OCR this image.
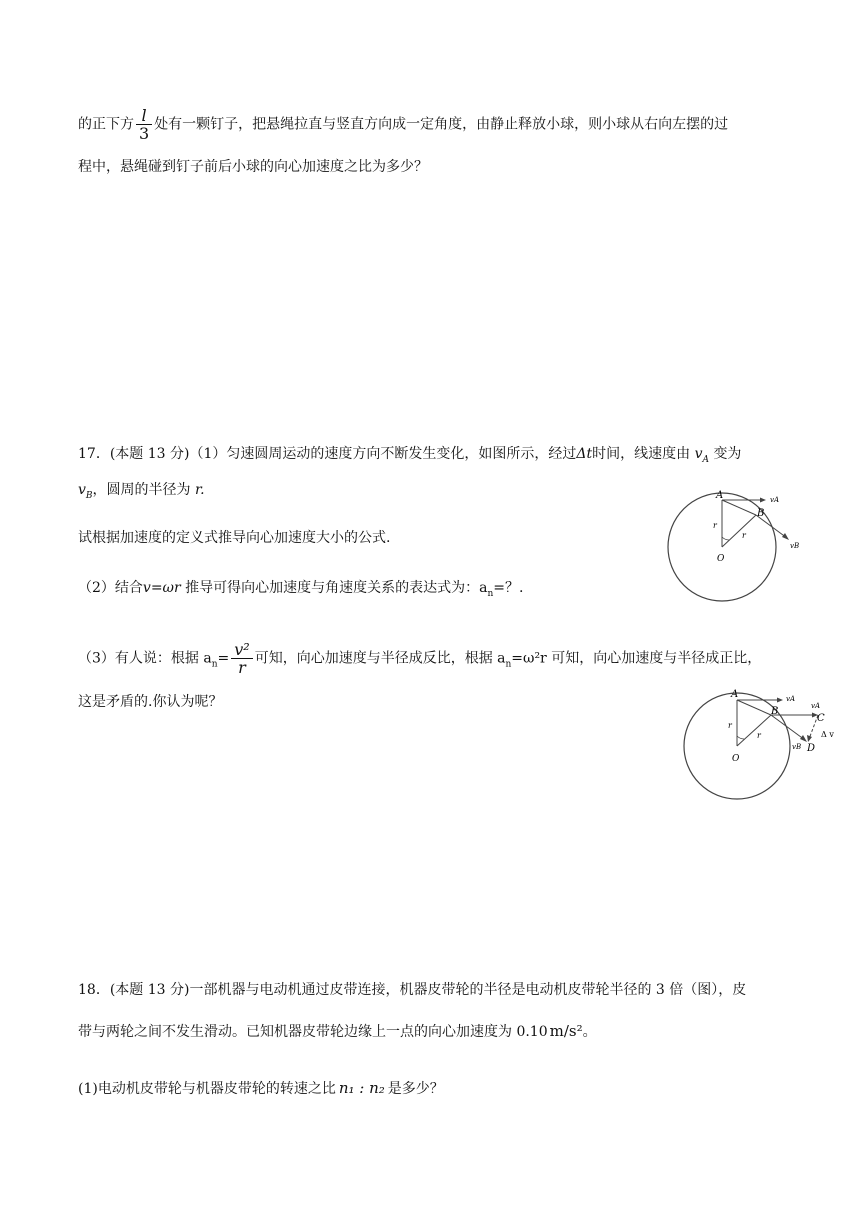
的正下方 $\frac{l}{3}$ 处有一颗钉子，把悬绳拉直与竖直方向成一定角度，由静止释放小球，则小球从右向左摆的过
程中，悬绳碰到钉子前后小球的向心加速度之比为多少？
17．(本题 13 分)（1）匀速圆周运动的速度方向不断发生变化，如图所示，经过Δt时间，线速度由 $v_A$ 变为
$v_B$，圆周的半径为 r.
试根据加速度的定义式推导向心加速度大小的公式.
（2）结合v=ωr 推导可得向心加速度与角速度关系的表达式为：$a_n=$？.
（3）有人说：根据 $a_n= \frac{\text{v²}}{r}$ 可知，向心加速度与半径成反比，根据 $a_n=\omega^2r$ 可知，向心加速度与半径成正比，
这是矛盾的.你认为呢？
A
B
O
r
r
vA
vB
A
B
O
C
D
r
r
vA
vA
vB
Δ v
18．(本题 13 分)一部机器与电动机通过皮带连接，机器皮带轮的半径是电动机皮带轮半径的 3 倍（图），皮
带与两轮之间不发生滑动。已知机器皮带轮边缘上一点的向心加速度为 0.10 m/s²。
(1)电动机皮带轮与机器皮带轮的转速之比 n₁ : n₂ 是多少？
